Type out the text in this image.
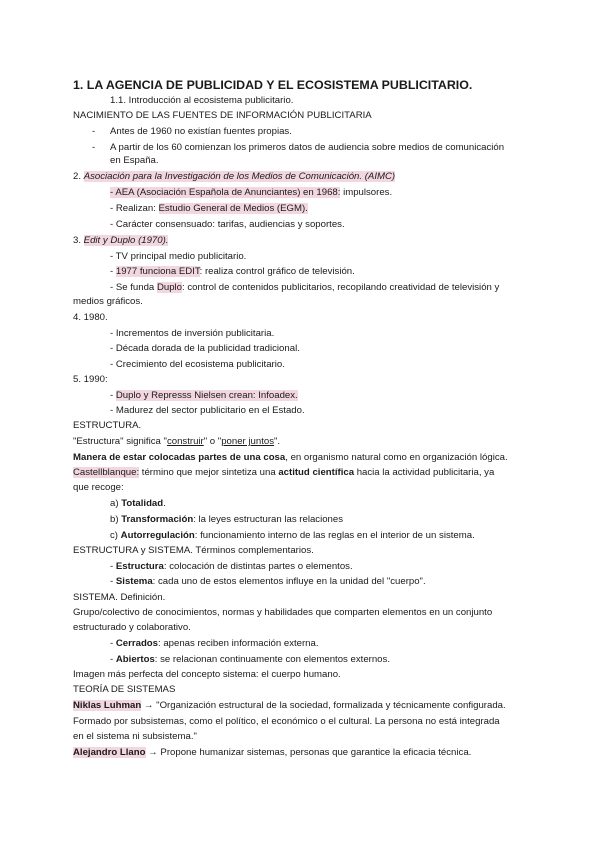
1. LA AGENCIA DE PUBLICIDAD Y EL ECOSISTEMA PUBLICITARIO.
1.1. Introducción al ecosistema publicitario.
NACIMIENTO DE LAS FUENTES DE INFORMACIÓN PUBLICITARIA
- Antes de 1960 no existían fuentes propias.
- A partir de los 60 comienzan los primeros datos de audiencia sobre medios de comunicación
en España.
2. Asociación para la Investigación de los Medios de Comunicación. (AIMC)
- AEA (Asociación Española de Anunciantes) en 1968: impulsores.
- Realizan: Estudio General de Medios (EGM).
- Carácter consensuado: tarifas, audiencias y soportes.
3. Edit y Duplo (1970).
- TV principal medio publicitario.
- 1977 funciona EDIT: realiza control gráfico de televisión.
- Se funda Duplo: control de contenidos publicitarios, recopilando creatividad de televisión y
medios gráficos.
4. 1980.
- Incrementos de inversión publicitaria.
- Década dorada de la publicidad tradicional.
- Crecimiento del ecosistema publicitario.
5. 1990:
- Duplo y Represss Nielsen crean: Infoadex.
- Madurez del sector publicitario en el Estado.
ESTRUCTURA.
"Estructura" significa "construir" o "poner juntos".
Manera de estar colocadas partes de una cosa, en organismo natural como en organización lógica.
Castellblanque: término que mejor sintetiza una actitud científica hacia la actividad publicitaria, ya
que recoge:
a) Totalidad.
b) Transformación: la leyes estructuran las relaciones
c) Autorregulación: funcionamiento interno de las reglas en el interior de un sistema.
ESTRUCTURA y SISTEMA. Términos complementarios.
- Estructura: colocación de distintas partes o elementos.
- Sistema: cada uno de estos elementos influye en la unidad del "cuerpo".
SISTEMA. Definición.
Grupo/colectivo de conocimientos, normas y habilidades que comparten elementos en un conjunto
estructurado y colaborativo.
- Cerrados: apenas reciben información externa.
- Abiertos: se relacionan continuamente con elementos externos.
Imagen más perfecta del concepto sistema: el cuerpo humano.
TEORÍA DE SISTEMAS
Niklas Luhman → "Organización estructural de la sociedad, formalizada y técnicamente configurada.
Formado por subsistemas, como el político, el económico o el cultural. La persona no está integrada
en el sistema ni subsistema."
Alejandro Llano → Propone humanizar sistemas, personas que garantice la eficacia técnica.
